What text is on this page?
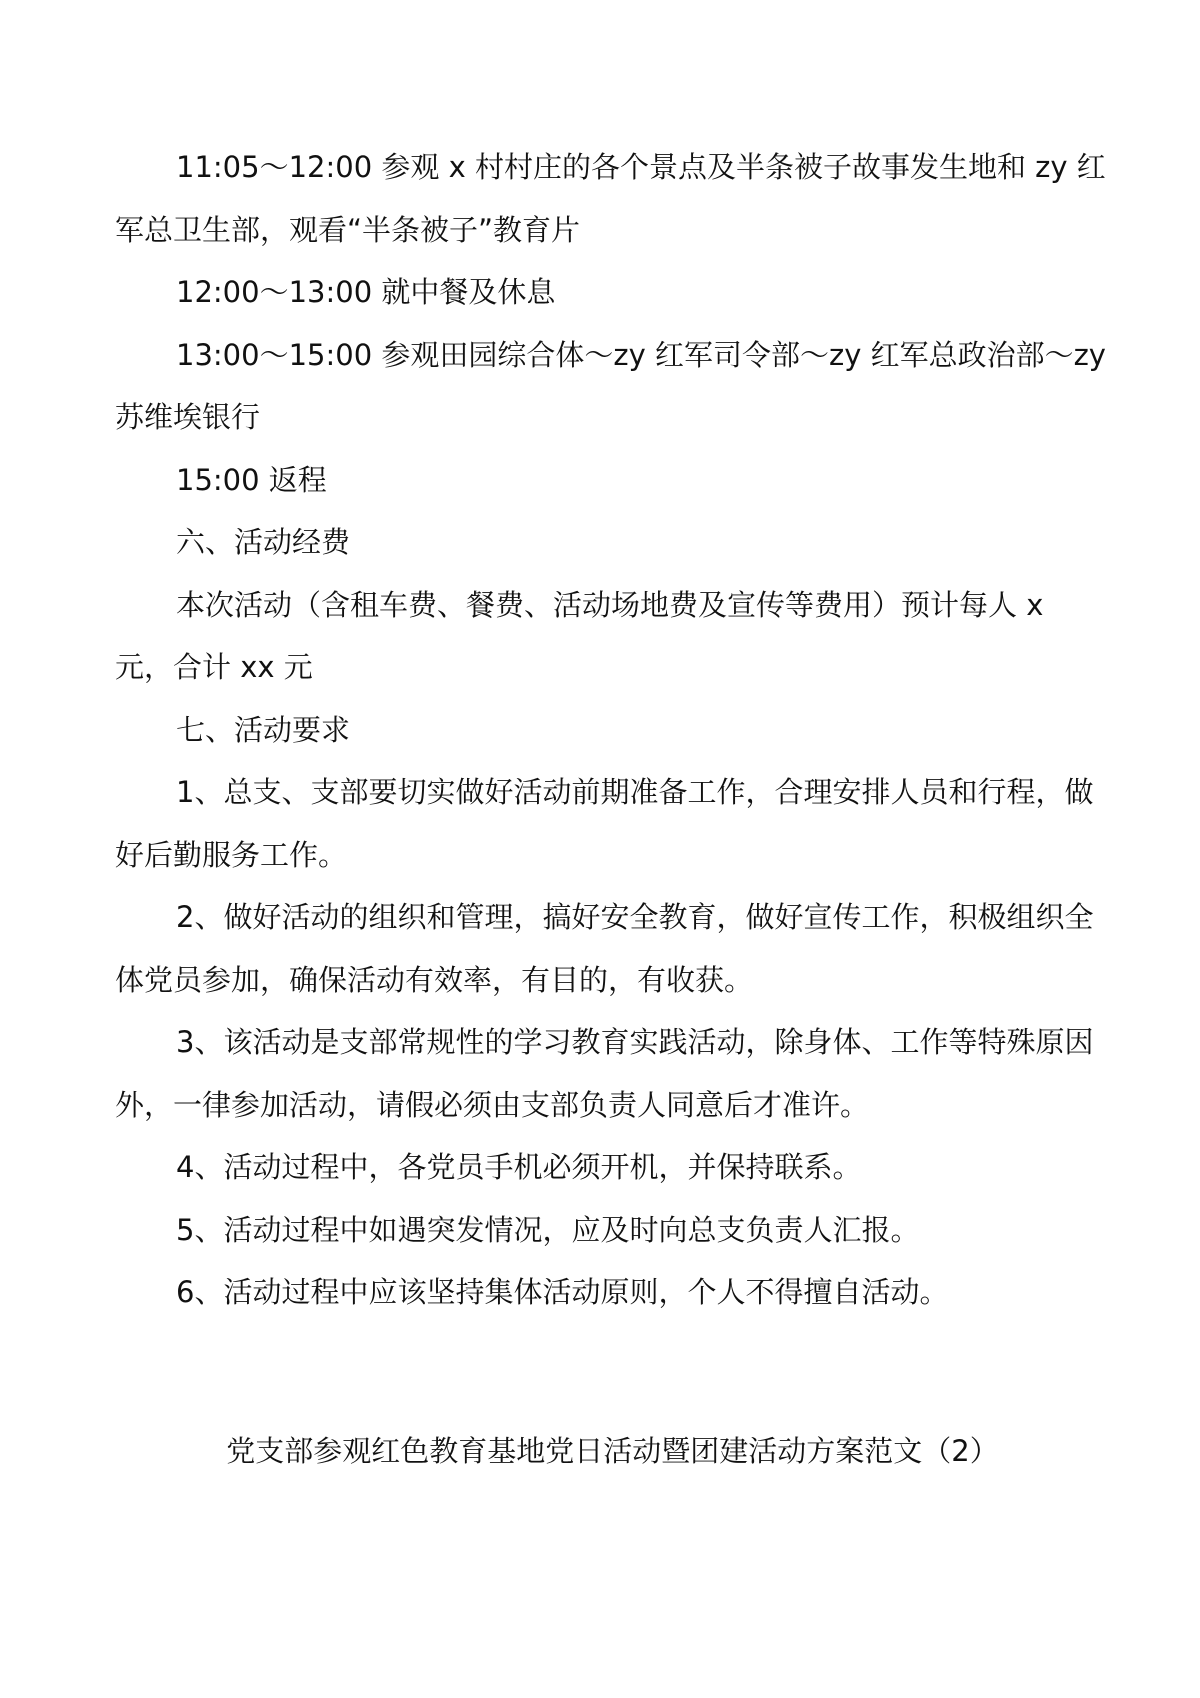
11:05～12:00 参观 x 村村庄的各个景点及半条被子故事发生地和 zy 红军总卫生部，观看“半条被子”教育片

12:00～13:00 就中餐及休息

13:00～15:00 参观田园综合体～zy 红军司令部～zy 红军总政治部～zy 苏维埃银行

15:00 返程

六、活动经费

本次活动（含租车费、餐费、活动场地费及宣传等费用）预计每人 x 元，合计 xx 元

七、活动要求

1、总支、支部要切实做好活动前期准备工作，合理安排人员和行程，做好后勤服务工作。

2、做好活动的组织和管理，搞好安全教育，做好宣传工作，积极组织全体党员参加，确保活动有效率，有目的，有收获。

3、该活动是支部常规性的学习教育实践活动，除身体、工作等特殊原因外，一律参加活动，请假必须由支部负责人同意后才准许。

4、活动过程中，各党员手机必须开机，并保持联系。

5、活动过程中如遇突发情况，应及时向总支负责人汇报。

6、活动过程中应该坚持集体活动原则，个人不得擅自活动。

党支部参观红色教育基地党日活动暨团建活动方案范文（2）
